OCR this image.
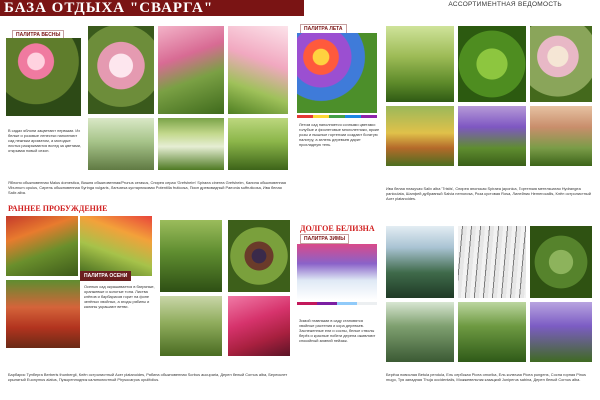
БАЗА ОТДЫХА "СВАРГА"	АССОРТИМЕНТНАЯ ВЕДОМОСТЬ
ПАЛИТРА ВЕСНЫ
В садах яблони зацветают первыми. Их белые и розовые лепестки наполняют сад нежным ароматом, а молодые листья раскрываются вслед за цветами, открывая новый сезон.
Яблоня обыкновенная Malus domestica, Вишня обыкновенная/Prunus cerasus, Спирея серая 'Grefsheim' Spiraea cinerea Grefsheim, Калина обыкновенная Viburnum opulus, Сирень обыкновенная Syringa vulgaris, Лапчатка кустарниковая Potentilla fruticosa, Пион древовидный Paeonia suffruticosa, Ива белая Salix alba.
ПАЛИТРА ЛЕТА
Летом сад наполняется сочными цветами: голубые и фиолетовые многолетники, яркие розы и пышные гортензии создают богатую палитру, а зелень деревьев дарит прохладную тень.
Ива белая плакучая Salix alba 'Tristis', Спирея японская Spiraea japonica, Гортензия метельчатая Hydrangea paniculata, Шалфей дубравный Salvia nemorosa, Роза кустовая Rosa, Лилейник Hemerocallis, Клён остролистный Acer platanoides.
РАННЕЕ ПРОБУЖДЕНИЕ
ПАЛИТРА ОСЕНИ
Осенью сад окрашивается в багряные, оранжевые и золотые тона. Листва клёнов и барбарисов горит на фоне зелёных хвойных, а ягоды рябины и калины украшают ветви.
Барбарис Тунберга Berberis thunbergii, Клён остролистный Acer platanoides, Рябина обыкновенная Sorbus aucuparia, Дерен белый Cornus alba, Бересклет крылатый Euonymus alatus, Пузыреплодник калинолистный Physocarpus opulifolius.
ДОЛГОЕ БЕЛИЗНА
ПАЛИТРА ЗИМЫ
Зимой главными в саду становятся хвойные растения и кора деревьев. Заснеженные ели и сосны, белые стволы берёз и красные побеги дерена оживляют спокойный зимний пейзаж.
Берёза повислая Betula pendula, Ель сербская Picea omorika, Ель колючая Picea pungens, Сосна горная Pinus mugo, Туя западная Thuja occidentalis, Можжевельник казацкий Juniperus sabina, Дерен белый Cornus alba.
